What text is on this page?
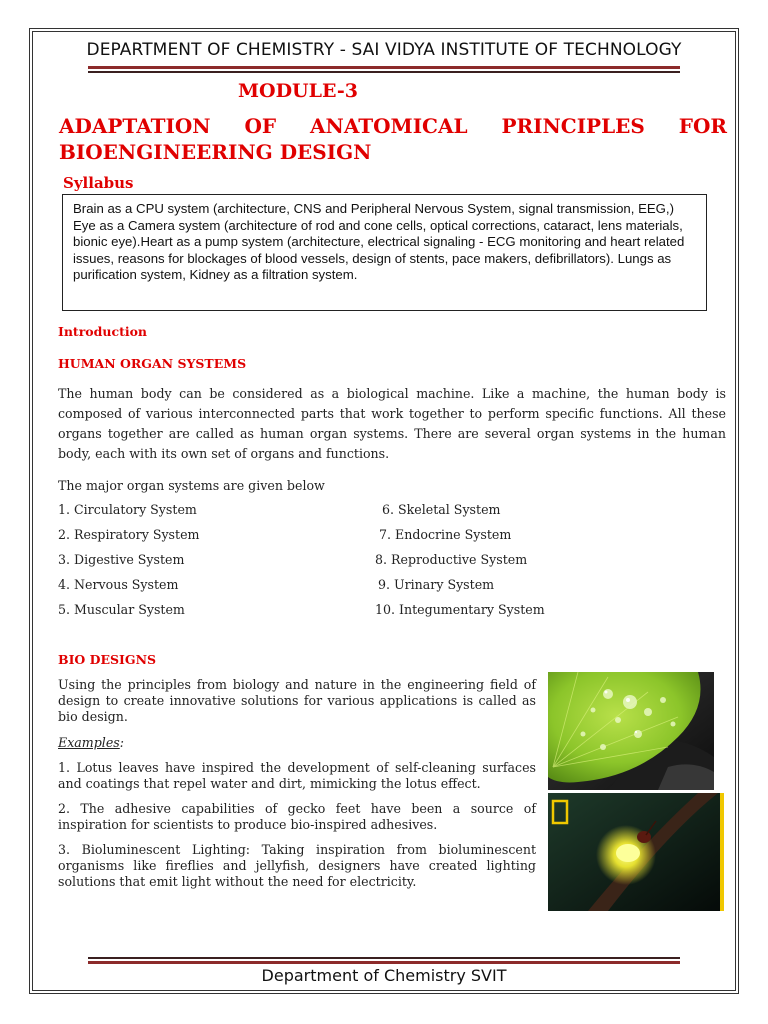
DEPARTMENT OF CHEMISTRY - SAI VIDYA INSTITUTE OF TECHNOLOGY
MODULE-3
ADAPTATION OF ANATOMICAL PRINCIPLES FOR
BIOENGINEERING DESIGN
Syllabus
Brain as a CPU system (architecture, CNS and Peripheral Nervous System, signal transmission, EEG,) Eye as a Camera system (architecture of rod and cone cells, optical corrections, cataract, lens materials, bionic eye).Heart as a pump system (architecture, electrical signaling - ECG monitoring and heart related issues, reasons for blockages of blood vessels, design of stents, pace makers, defibrillators). Lungs as purification system, Kidney as a filtration system.
Introduction
HUMAN ORGAN SYSTEMS
The human body can be considered as a biological machine. Like a machine, the human body is composed of various interconnected parts that work together to perform specific functions. All these organs together are called as human organ systems. There are several organ systems in the human body, each with its own set of organs and functions.
The major organ systems are given below
1. Circulatory System
2. Respiratory System
3. Digestive System
4. Nervous System
5. Muscular System
6. Skeletal System
7. Endocrine System
8. Reproductive System
9. Urinary System
10. Integumentary System
BIO DESIGNS
Using the principles from biology and nature in the engineering field of design to create innovative solutions for various applications is called as bio design.
Examples:
1. Lotus leaves have inspired the development of self-cleaning surfaces and coatings that repel water and dirt, mimicking the lotus effect.
2. The adhesive capabilities of gecko feet have been a source of inspiration for scientists to produce bio-inspired adhesives.
3. Bioluminescent Lighting: Taking inspiration from bioluminescent organisms like fireflies and jellyfish, designers have created lighting solutions that emit light without the need for electricity.
Department of Chemistry SVIT
